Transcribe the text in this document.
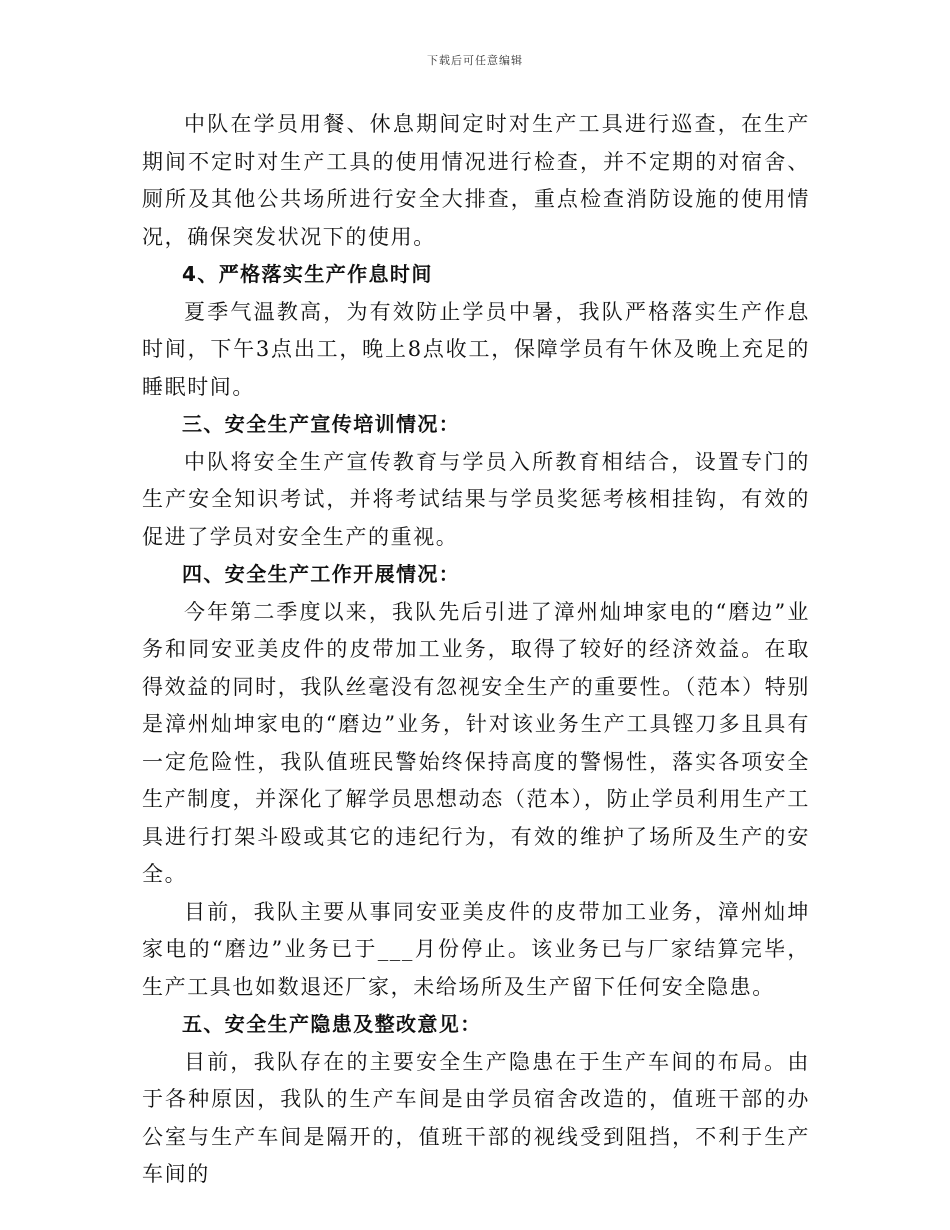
下载后可任意编辑

中队在学员用餐、休息期间定时对生产工具进行巡查，在生产期间不定时对生产工具的使用情况进行检查，并不定期的对宿舍、厕所及其他公共场所进行安全大排查，重点检查消防设施的使用情况，确保突发状况下的使用。

4、严格落实生产作息时间

夏季气温教高，为有效防止学员中暑，我队严格落实生产作息时间，下午3点出工，晚上8点收工，保障学员有午休及晚上充足的睡眠时间。

三、安全生产宣传培训情况：

中队将安全生产宣传教育与学员入所教育相结合，设置专门的生产安全知识考试，并将考试结果与学员奖惩考核相挂钩，有效的促进了学员对安全生产的重视。

四、安全生产工作开展情况：

今年第二季度以来，我队先后引进了漳州灿坤家电的“磨边”业务和同安亚美皮件的皮带加工业务，取得了较好的经济效益。在取得效益的同时，我队丝毫没有忽视安全生产的重要性。（范本）特别是漳州灿坤家电的“磨边”业务，针对该业务生产工具铿刀多且具有一定危险性，我队值班民警始终保持高度的警惕性，落实各项安全生产制度，并深化了解学员思想动态（范本），防止学员利用生产工具进行打架斗殴或其它的违纪行为，有效的维护了场所及生产的安全。

目前，我队主要从事同安亚美皮件的皮带加工业务，漳州灿坤家电的“磨边”业务已于___月份停止。该业务已与厂家结算完毕，生产工具也如数退还厂家，未给场所及生产留下任何安全隐患。

五、安全生产隐患及整改意见：

目前，我队存在的主要安全生产隐患在于生产车间的布局。由于各种原因，我队的生产车间是由学员宿舍改造的，值班干部的办公室与生产车间是隔开的，值班干部的视线受到阻挡，不利于生产车间的
